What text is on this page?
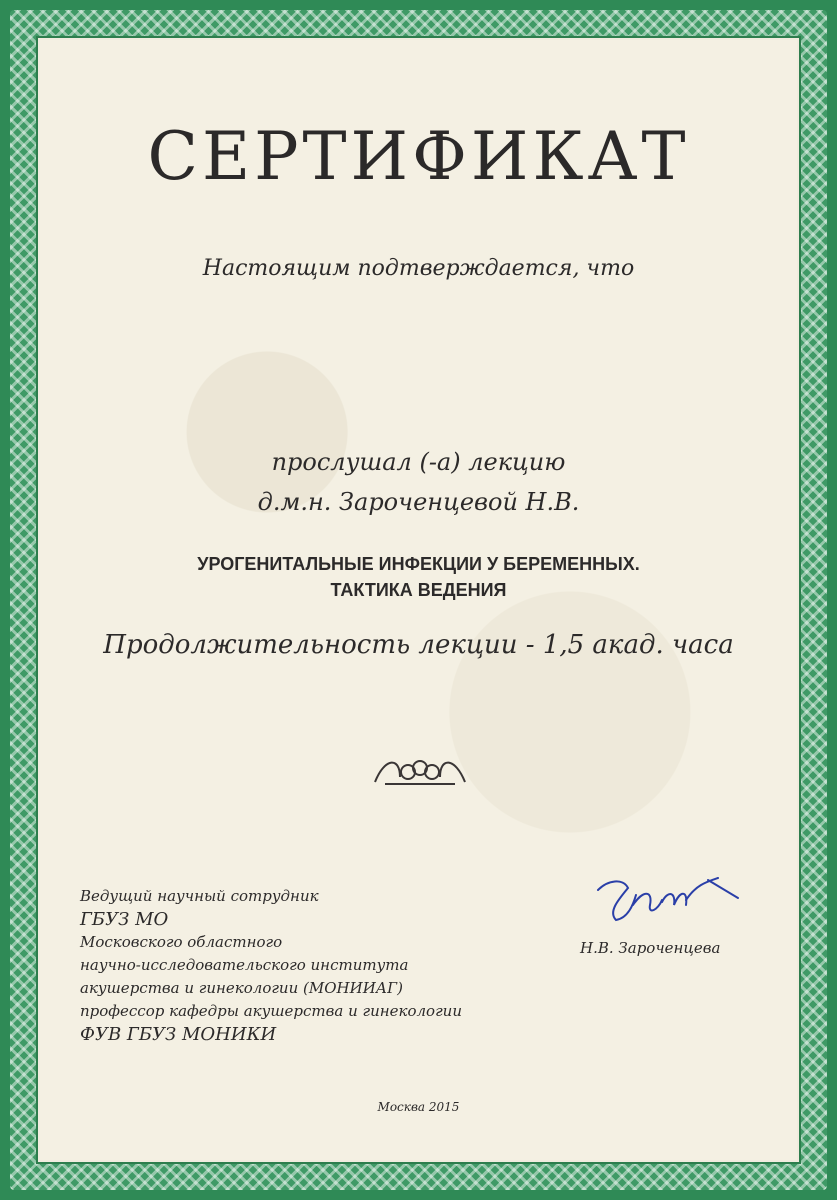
СЕРТИФИКАТ
Настоящим подтверждается, что
прослушал (-а) лекцию
д.м.н. Зароченцевой Н.В.
УРОГЕНИТАЛЬНЫЕ ИНФЕКЦИИ У БЕРЕМЕННЫХ.
ТАКТИКА ВЕДЕНИЯ
Продолжительность лекции - 1,5 акад. часа
Ведущий научный сотрудник
ГБУЗ МО
Московского областного
научно-исследовательского института
акушерства и гинекологии (МОНИИАГ)
профессор кафедры акушерства и гинекологии
ФУВ ГБУЗ МОНИКИ
Н.В. Зароченцева
Москва 2015
